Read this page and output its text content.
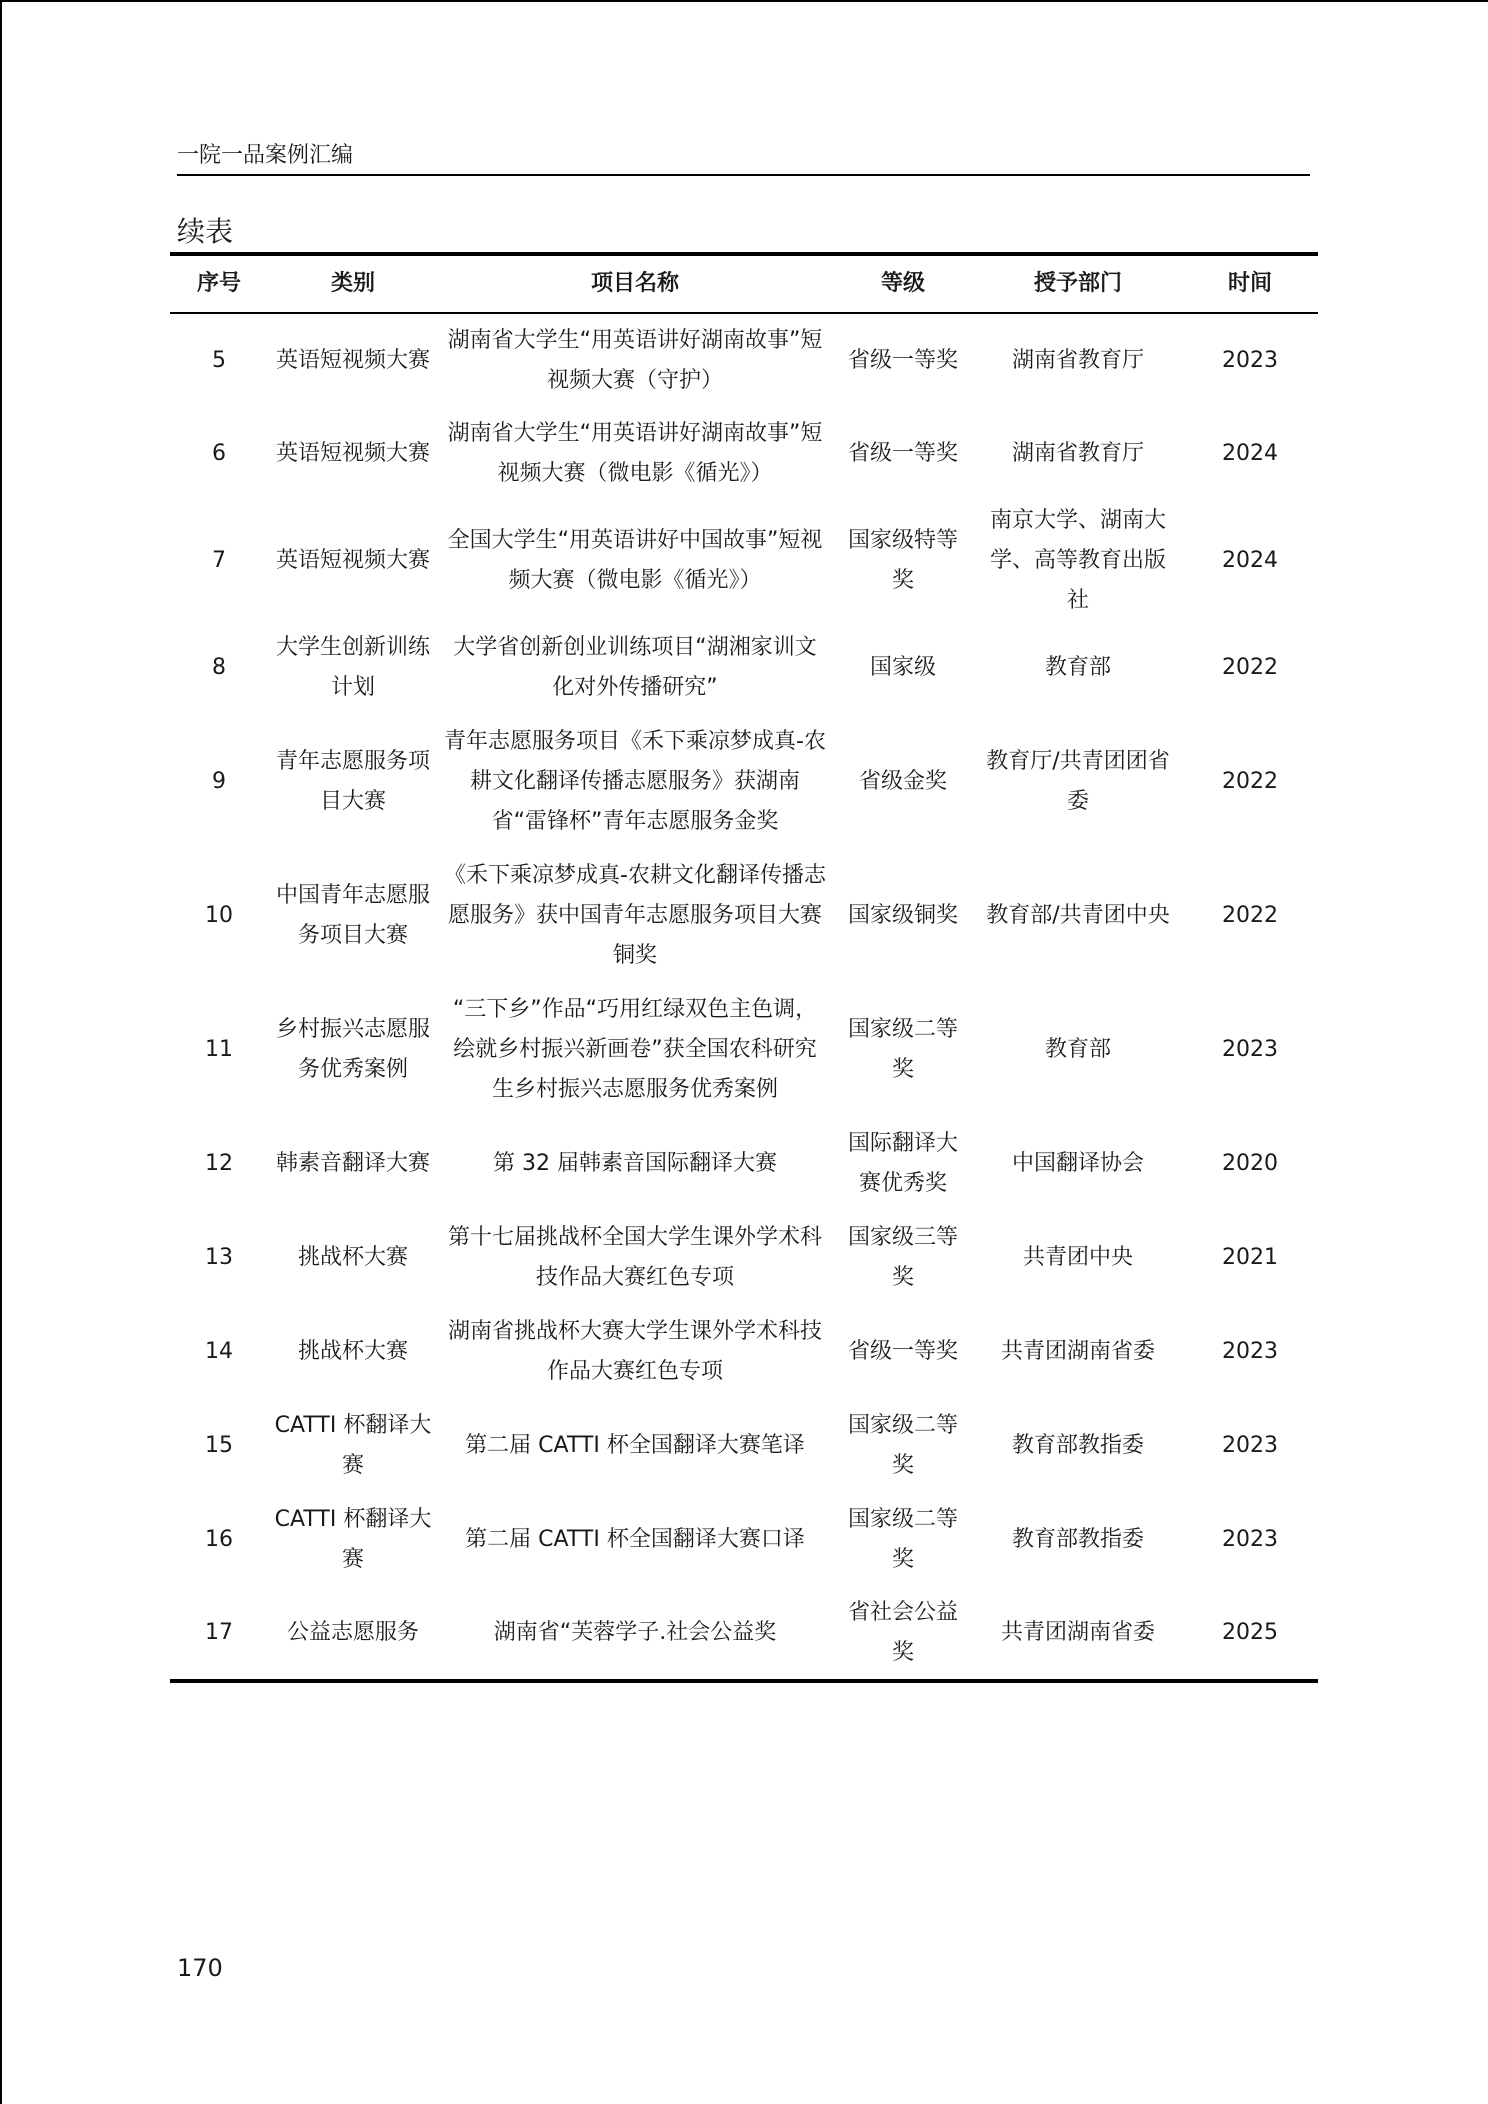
一院一品案例汇编
续表
序号	类别	项目名称	等级	授予部门	时间
5	英语短视频大赛	湖南省大学生“用英语讲好湖南故事”短视频大赛（守护）	省级一等奖	湖南省教育厅	2023
6	英语短视频大赛	湖南省大学生“用英语讲好湖南故事”短视频大赛（微电影《循光》）	省级一等奖	湖南省教育厅	2024
7	英语短视频大赛	全国大学生“用英语讲好中国故事”短视频大赛（微电影《循光》）	国家级特等奖	南京大学、湖南大学、高等教育出版社	2024
8	大学生创新训练计划	大学省创新创业训练项目“湖湘家训文化对外传播研究”	国家级	教育部	2022
9	青年志愿服务项目大赛	青年志愿服务项目《禾下乘凉梦成真-农耕文化翻译传播志愿服务》获湖南省“雷锋杯”青年志愿服务金奖	省级金奖	教育厅/共青团团省委	2022
10	中国青年志愿服务项目大赛	《禾下乘凉梦成真-农耕文化翻译传播志愿服务》获中国青年志愿服务项目大赛铜奖	国家级铜奖	教育部/共青团中央	2022
11	乡村振兴志愿服务优秀案例	“三下乡”作品“巧用红绿双色主色调，绘就乡村振兴新画卷”获全国农科研究生乡村振兴志愿服务优秀案例	国家级二等奖	教育部	2023
12	韩素音翻译大赛	第 32 届韩素音国际翻译大赛	国际翻译大赛优秀奖	中国翻译协会	2020
13	挑战杯大赛	第十七届挑战杯全国大学生课外学术科技作品大赛红色专项	国家级三等奖	共青团中央	2021
14	挑战杯大赛	湖南省挑战杯大赛大学生课外学术科技作品大赛红色专项	省级一等奖	共青团湖南省委	2023
15	CATTI 杯翻译大赛	第二届 CATTI 杯全国翻译大赛笔译	国家级二等奖	教育部教指委	2023
16	CATTI 杯翻译大赛	第二届 CATTI 杯全国翻译大赛口译	国家级二等奖	教育部教指委	2023
17	公益志愿服务	湖南省“芙蓉学子.社会公益奖	省社会公益奖	共青团湖南省委	2025
170
